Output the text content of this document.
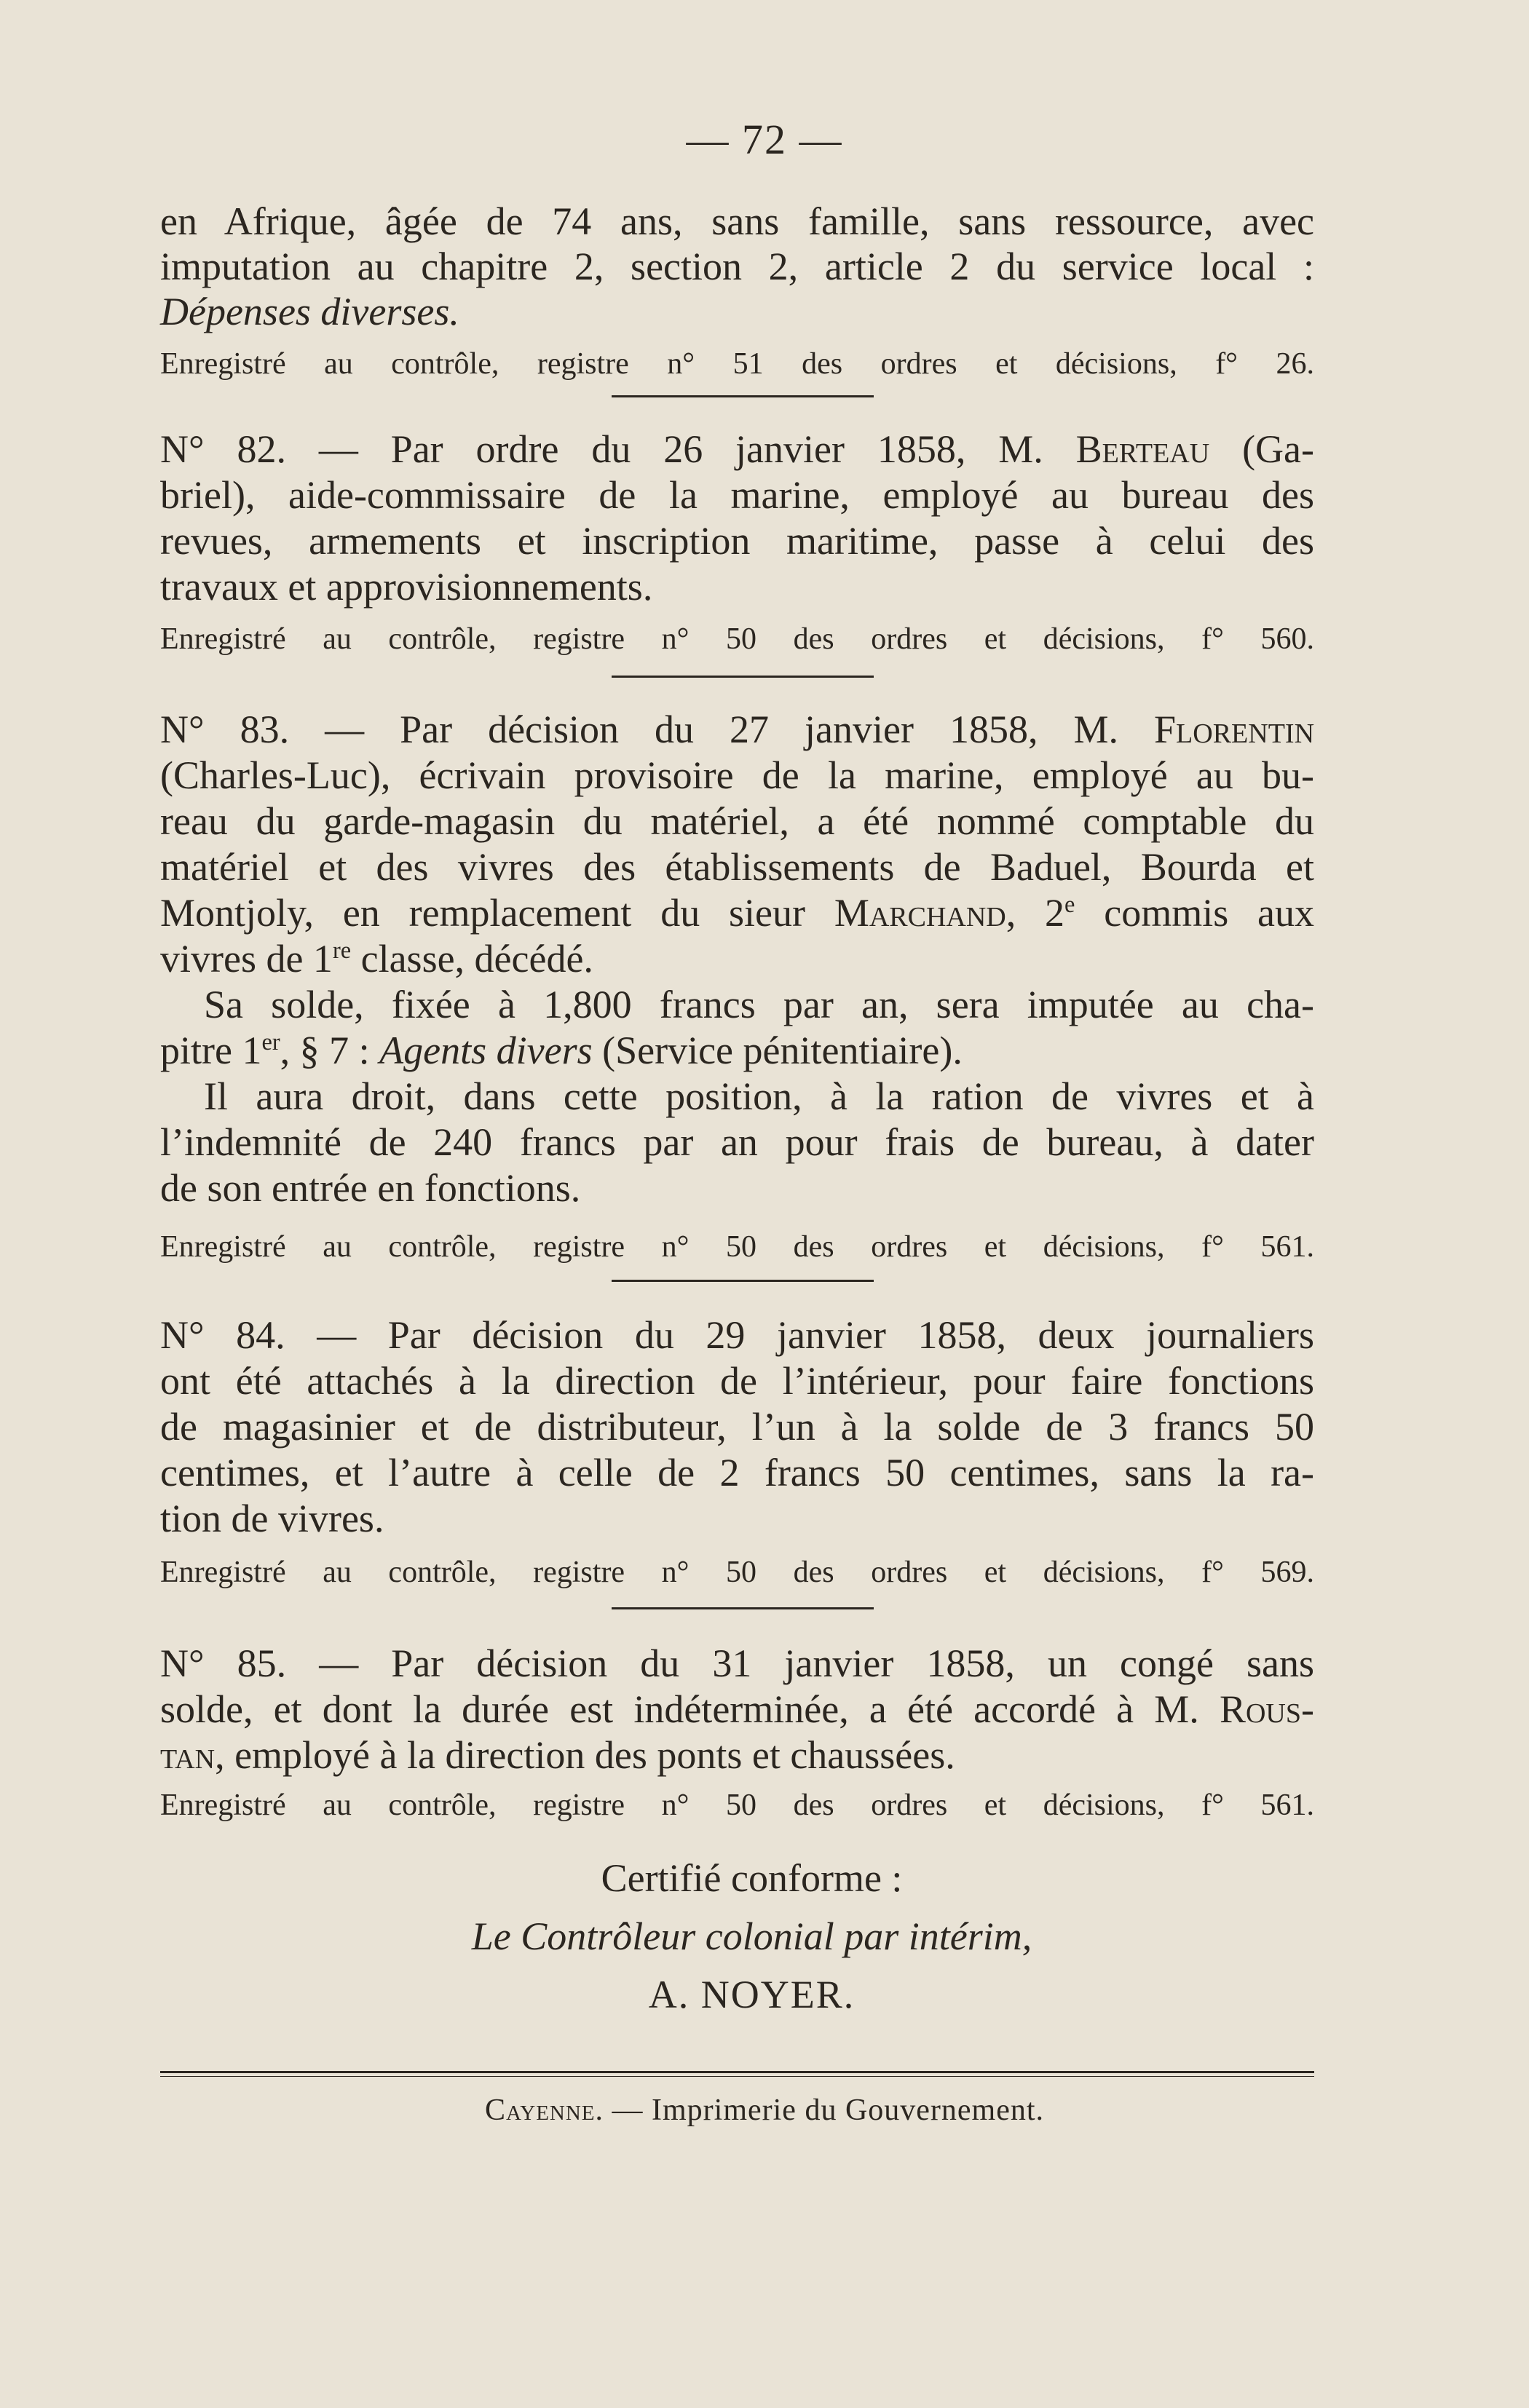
— 72 —
en Afrique, âgée de 74 ans, sans famille, sans ressource, avec
imputation au chapitre 2, section 2, article 2 du service local :
Dépenses diverses.
Enregistré au contrôle, registre n° 51 des ordres et décisions, f° 26.
N° 82. — Par ordre du 26 janvier 1858, M. Berteau (Ga-
briel), aide-commissaire de la marine, employé au bureau des
revues, armements et inscription maritime, passe à celui des
travaux et approvisionnements.
Enregistré au contrôle, registre n° 50 des ordres et décisions, f° 560.
N° 83. — Par décision du 27 janvier 1858, M. Florentin
(Charles-Luc), écrivain provisoire de la marine, employé au bu-
reau du garde-magasin du matériel, a été nommé comptable du
matériel et des vivres des établissements de Baduel, Bourda et
Montjoly, en remplacement du sieur Marchand, 2e commis aux
vivres de 1re classe, décédé.
Sa solde, fixée à 1,800 francs par an, sera imputée au cha-
pitre 1er, § 7 : Agents divers (Service pénitentiaire).
Il aura droit, dans cette position, à la ration de vivres et à
l’indemnité de 240 francs par an pour frais de bureau, à dater
de son entrée en fonctions.
Enregistré au contrôle, registre n° 50 des ordres et décisions, f° 561.
N° 84. — Par décision du 29 janvier 1858, deux journaliers
ont été attachés à la direction de l’intérieur, pour faire fonctions
de magasinier et de distributeur, l’un à la solde de 3 francs 50
centimes, et l’autre à celle de 2 francs 50 centimes, sans la ra-
tion de vivres.
Enregistré au contrôle, registre n° 50 des ordres et décisions, f° 569.
N° 85. — Par décision du 31 janvier 1858, un congé sans
solde, et dont la durée est indéterminée, a été accordé à M. Rous-
tan, employé à la direction des ponts et chaussées.
Enregistré au contrôle, registre n° 50 des ordres et décisions, f° 561.
Certifié conforme :
Le Contrôleur colonial par intérim,
A. NOYER.
Cayenne. — Imprimerie du Gouvernement.
